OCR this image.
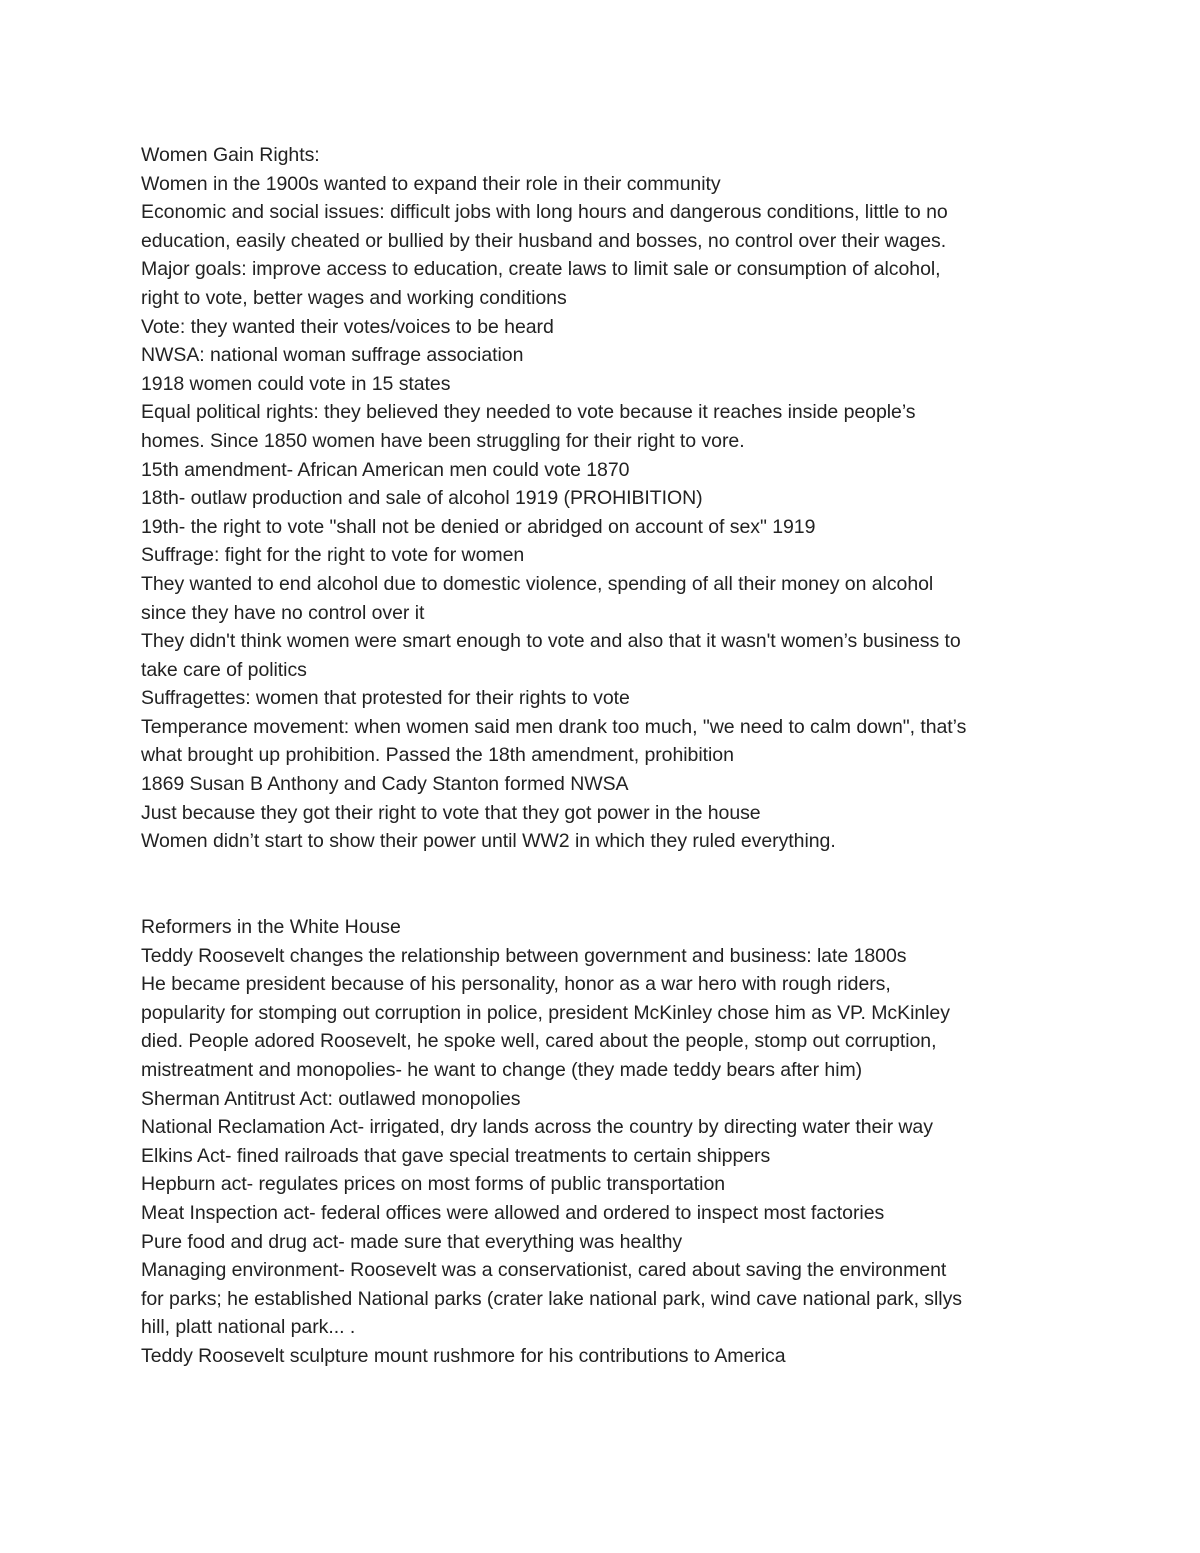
Women Gain Rights:
Women in the 1900s wanted to expand their role in their community
Economic and social issues: difficult jobs with long hours and dangerous conditions, little to no
education, easily cheated or bullied by their husband and bosses, no control over their wages.
Major goals: improve access to education, create laws to limit sale or consumption of alcohol,
right to vote, better wages and working conditions
Vote: they wanted their votes/voices to be heard
NWSA: national woman suffrage association
1918 women could vote in 15 states
Equal political rights: they believed they needed to vote because it reaches inside people’s
homes. Since 1850 women have been struggling for their right to vore.
15th amendment- African American men could vote 1870
18th- outlaw production and sale of alcohol 1919 (PROHIBITION)
19th- the right to vote "shall not be denied or abridged on account of sex" 1919
Suffrage: fight for the right to vote for women
They wanted to end alcohol due to domestic violence, spending of all their money on alcohol
since they have no control over it
They didn't think women were smart enough to vote and also that it wasn't women’s business to
take care of politics
Suffragettes: women that protested for their rights to vote
Temperance movement: when women said men drank too much, "we need to calm down", that’s
what brought up prohibition. Passed the 18th amendment, prohibition
1869 Susan B Anthony and Cady Stanton formed NWSA
Just because they got their right to vote that they got power in the house
Women didn’t start to show their power until WW2 in which they ruled everything.
Reformers in the White House
Teddy Roosevelt changes the relationship between government and business: late 1800s
He became president because of his personality, honor as a war hero with rough riders,
popularity for stomping out corruption in police, president McKinley chose him as VP. McKinley
died. People adored Roosevelt, he spoke well, cared about the people, stomp out corruption,
mistreatment and monopolies- he want to change (they made teddy bears after him)
Sherman Antitrust Act: outlawed monopolies
National Reclamation Act- irrigated, dry lands across the country by directing water their way
Elkins Act- fined railroads that gave special treatments to certain shippers
Hepburn act- regulates prices on most forms of public transportation
Meat Inspection act- federal offices were allowed and ordered to inspect most factories
Pure food and drug act- made sure that everything was healthy
Managing environment- Roosevelt was a conservationist, cared about saving the environment
for parks; he established National parks (crater lake national park, wind cave national park, sllys
hill, platt national park... .
Teddy Roosevelt sculpture mount rushmore for his contributions to America
